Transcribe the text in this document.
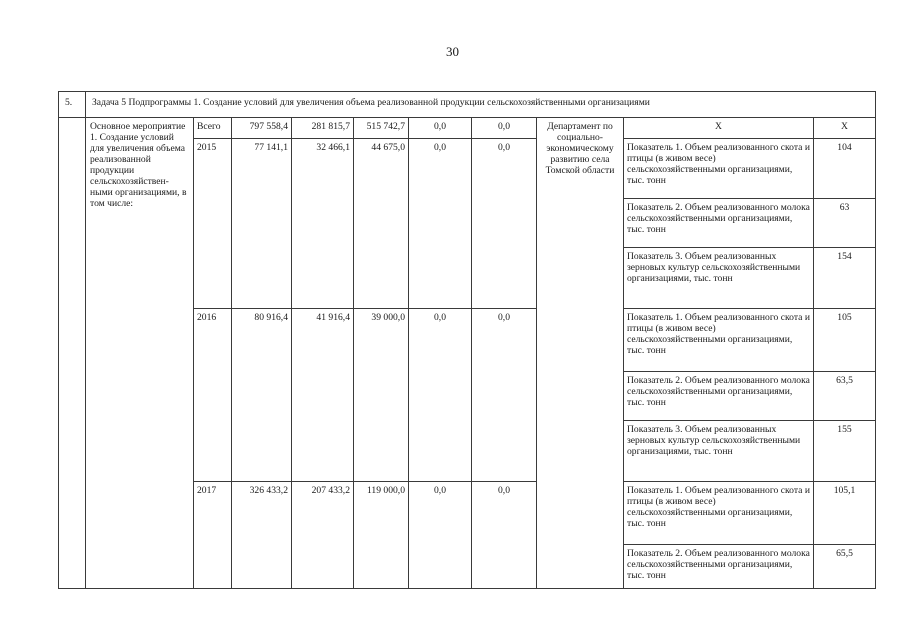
30
5.	Задача 5 Подпрограммы 1. Создание условий для увеличения объема реализованной продукции сельскохозяйственными организациями									
	Основное мероприятие 1. Создание условий для увеличения объема реализованной продукции сельскохозяйствен-ными организациями, в том числе:	Всего	797 558,4	281 815,7	515 742,7	0,0	0,0	Департамент по социально-экономическому развитию села Томской области	Х	Х
		2015	77 141,1	32 466,1	44 675,0	0,0	0,0		Показатель 1. Объем реализованного скота и птицы (в живом весе) сельскохозяйственными организациями, тыс. тонн	104
									Показатель 2. Объем реализованного молока сельскохозяйственными организациями, тыс. тонн	63
									Показатель 3. Объем реализованных зерновых культур сельскохозяйственными организациями, тыс. тонн	154
		2016	80 916,4	41 916,4	39 000,0	0,0	0,0		Показатель 1. Объем реализованного скота и птицы (в живом весе) сельскохозяйственными организациями, тыс. тонн	105
									Показатель 2. Объем реализованного молока сельскохозяйственными организациями, тыс. тонн	63,5
									Показатель 3. Объем реализованных зерновых культур сельскохозяйственными организациями, тыс. тонн	155
		2017	326 433,2	207 433,2	119 000,0	0,0	0,0		Показатель 1. Объем реализованного скота и птицы (в живом весе) сельскохозяйственными организациями, тыс. тонн	105,1
									Показатель 2. Объем реализованного молока сельскохозяйственными организациями, тыс. тонн	65,5
